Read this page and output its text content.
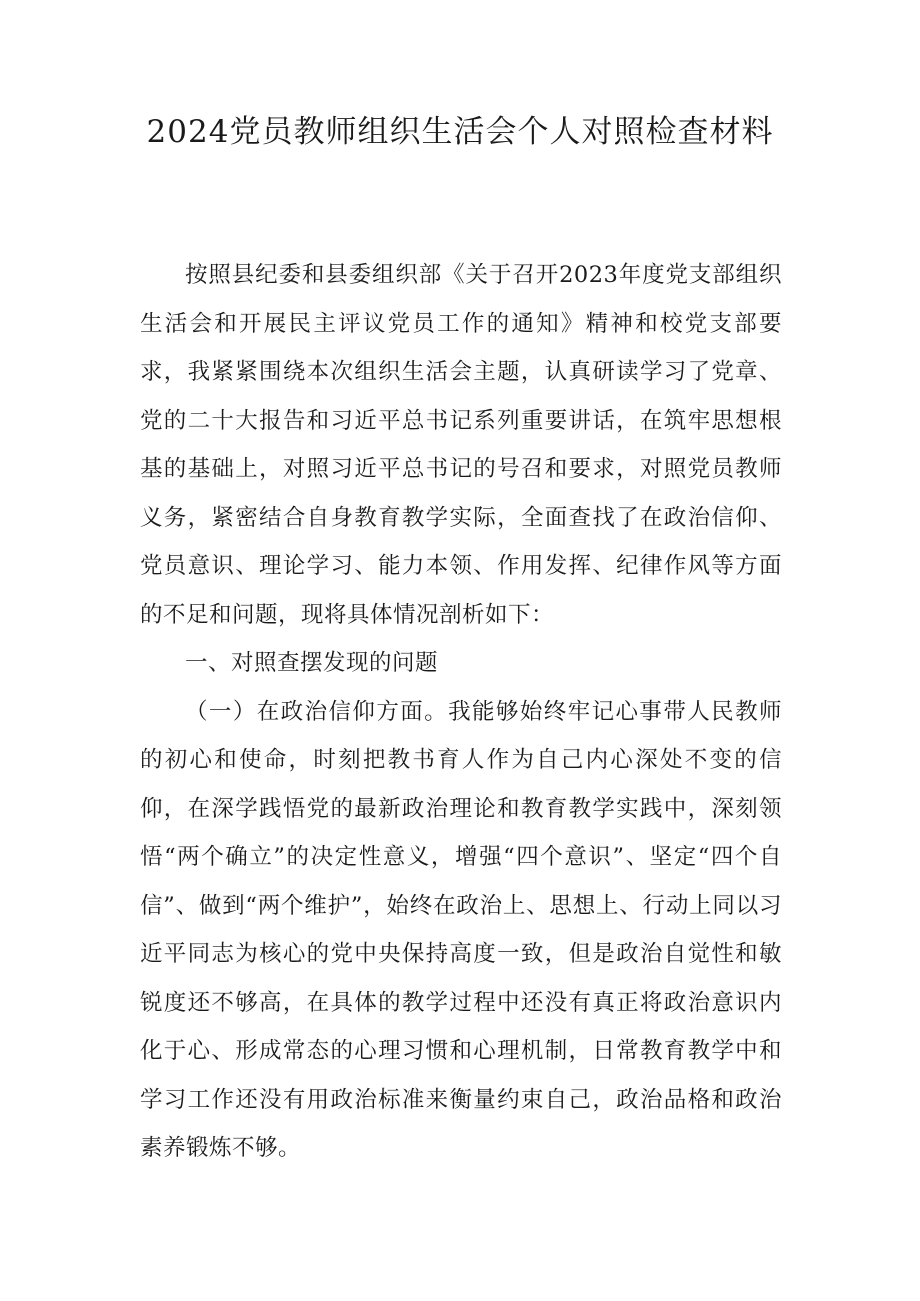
2024党员教师组织生活会个人对照检查材料

按照县纪委和县委组织部《关于召开2023年度党支部组织生活会和开展民主评议党员工作的通知》精神和校党支部要求，我紧紧围绕本次组织生活会主题，认真研读学习了党章、党的二十大报告和习近平总书记系列重要讲话，在筑牢思想根基的基础上，对照习近平总书记的号召和要求，对照党员教师义务，紧密结合自身教育教学实际，全面查找了在政治信仰、党员意识、理论学习、能力本领、作用发挥、纪律作风等方面的不足和问题，现将具体情况剖析如下：

一、对照查摆发现的问题

（一）在政治信仰方面。我能够始终牢记心事带人民教师的初心和使命，时刻把教书育人作为自己内心深处不变的信仰，在深学践悟党的最新政治理论和教育教学实践中，深刻领悟“两个确立”的决定性意义，增强“四个意识”、坚定“四个自信”、做到“两个维护”，始终在政治上、思想上、行动上同以习近平同志为核心的党中央保持高度一致，但是政治自觉性和敏锐度还不够高，在具体的教学过程中还没有真正将政治意识内化于心、形成常态的心理习惯和心理机制，日常教育教学中和学习工作还没有用政治标准来衡量约束自己，政治品格和政治素养锻炼不够。
